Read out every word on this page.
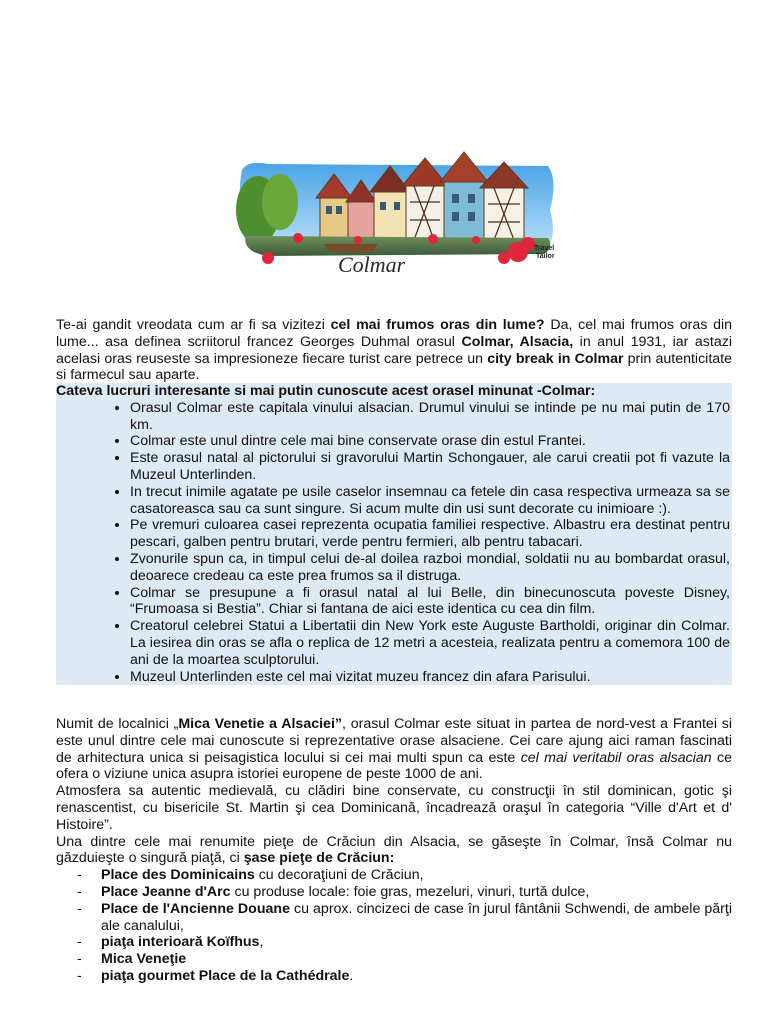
Colmar
Travel
Tailor
Te-ai gandit vreodata cum ar fi sa vizitezi cel mai frumos oras din lume? Da, cel mai frumos oras din lume... asa definea scriitorul francez Georges Duhmal orasul Colmar, Alsacia, in anul 1931, iar astazi acelasi oras reuseste sa impresioneze fiecare turist care petrece un city break in Colmar prin autenticitate si farmecul sau aparte.
Cateva lucruri interesante si mai putin cunoscute acest orasel minunat -Colmar:
• Orasul Colmar este capitala vinului alsacian. Drumul vinului se intinde pe nu mai putin de 170 km.
• Colmar este unul dintre cele mai bine conservate orase din estul Frantei.
• Este orasul natal al pictorului si gravorului Martin Schongauer, ale carui creatii pot fi vazute la Muzeul Unterlinden.
• In trecut inimile agatate pe usile caselor insemnau ca fetele din casa respectiva urmeaza sa se casatoreasca sau ca sunt singure. Si acum multe din usi sunt decorate cu inimioare :).
• Pe vremuri culoarea casei reprezenta ocupatia familiei respective. Albastru era destinat pentru pescari, galben pentru brutari, verde pentru fermieri, alb pentru tabacari.
• Zvonurile spun ca, in timpul celui de-al doilea razboi mondial, soldatii nu au bombardat orasul, deoarece credeau ca este prea frumos sa il distruga.
• Colmar se presupune a fi orasul natal al lui Belle, din binecunoscuta poveste Disney, “Frumoasa si Bestia”. Chiar si fantana de aici este identica cu cea din film.
• Creatorul celebrei Statui a Libertatii din New York este Auguste Bartholdi, originar din Colmar. La iesirea din oras se afla o replica de 12 metri a acesteia, realizata pentru a comemora 100 de ani de la moartea sculptorului.
• Muzeul Unterlinden este cel mai vizitat muzeu francez din afara Parisului.

Numit de localnici „Mica Venetie a Alsaciei”, orasul Colmar este situat in partea de nord-vest a Frantei si este unul dintre cele mai cunoscute si reprezentative orase alsaciene. Cei care ajung aici raman fascinati de arhitectura unica si peisagistica locului si cei mai multi spun ca este cel mai veritabil oras alsacian ce ofera o viziune unica asupra istoriei europene de peste 1000 de ani.

Atmosfera sa autentic medievală, cu clădiri bine conservate, cu construcţii în stil dominican, gotic şi renascentist, cu bisericile St. Martin şi cea Dominicană, încadrează oraşul în categoria “Ville d'Art et d' Histoire”.

Una dintre cele mai renumite pieţe de Crăciun din Alsacia, se găseşte în Colmar, însă Colmar nu găzduieşte o singură piaţă, ci şase pieţe de Crăciun:

- Place des Dominicains cu decoraţiuni de Crăciun,
- Place Jeanne d'Arc cu produse locale: foie gras, mezeluri, vinuri, turtă dulce,
- Place de l'Ancienne Douane cu aprox. cincizeci de case în jurul fântânii Schwendi, de ambele părţi ale canalului,
- piaţa interioară Koïfhus,
- Mica Veneţie
- piaţa gourmet Place de la Cathédrale.
